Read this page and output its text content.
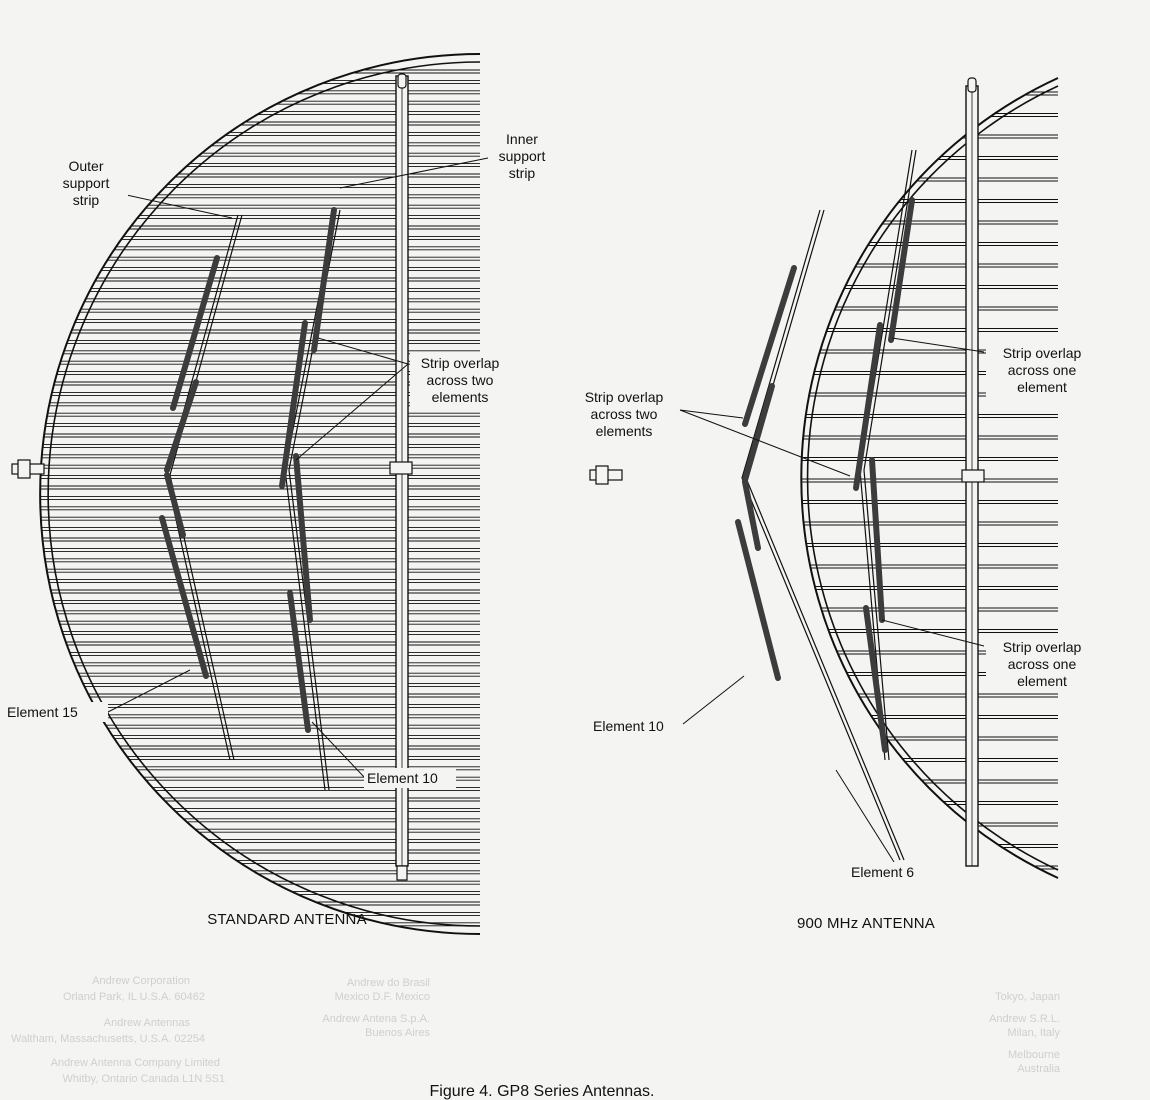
Andrew Corporation
Orland Park, IL U.S.A. 60462
Andrew Antennas
Waltham, Massachusetts, U.S.A. 02254
Andrew Antenna Company Limited
Whitby, Ontario Canada L1N 5S1
Andrew do Brasil
Mexico D.F. Mexico
Andrew Antena S.p.A.
Buenos Aires
Tokyo, Japan
Andrew S.R.L.
Milan, Italy
Melbourne
Australia
Outer
support
strip
Inner
support
strip
Strip overlap
across two
elements
Element 15
Element 10
STANDARD ANTENNA
Strip overlap
across two
elements
Strip overlap
across one
element
Strip overlap
across one
element
Element 10
Element 6
900 MHz ANTENNA
Figure 4. GP8 Series Antennas.
